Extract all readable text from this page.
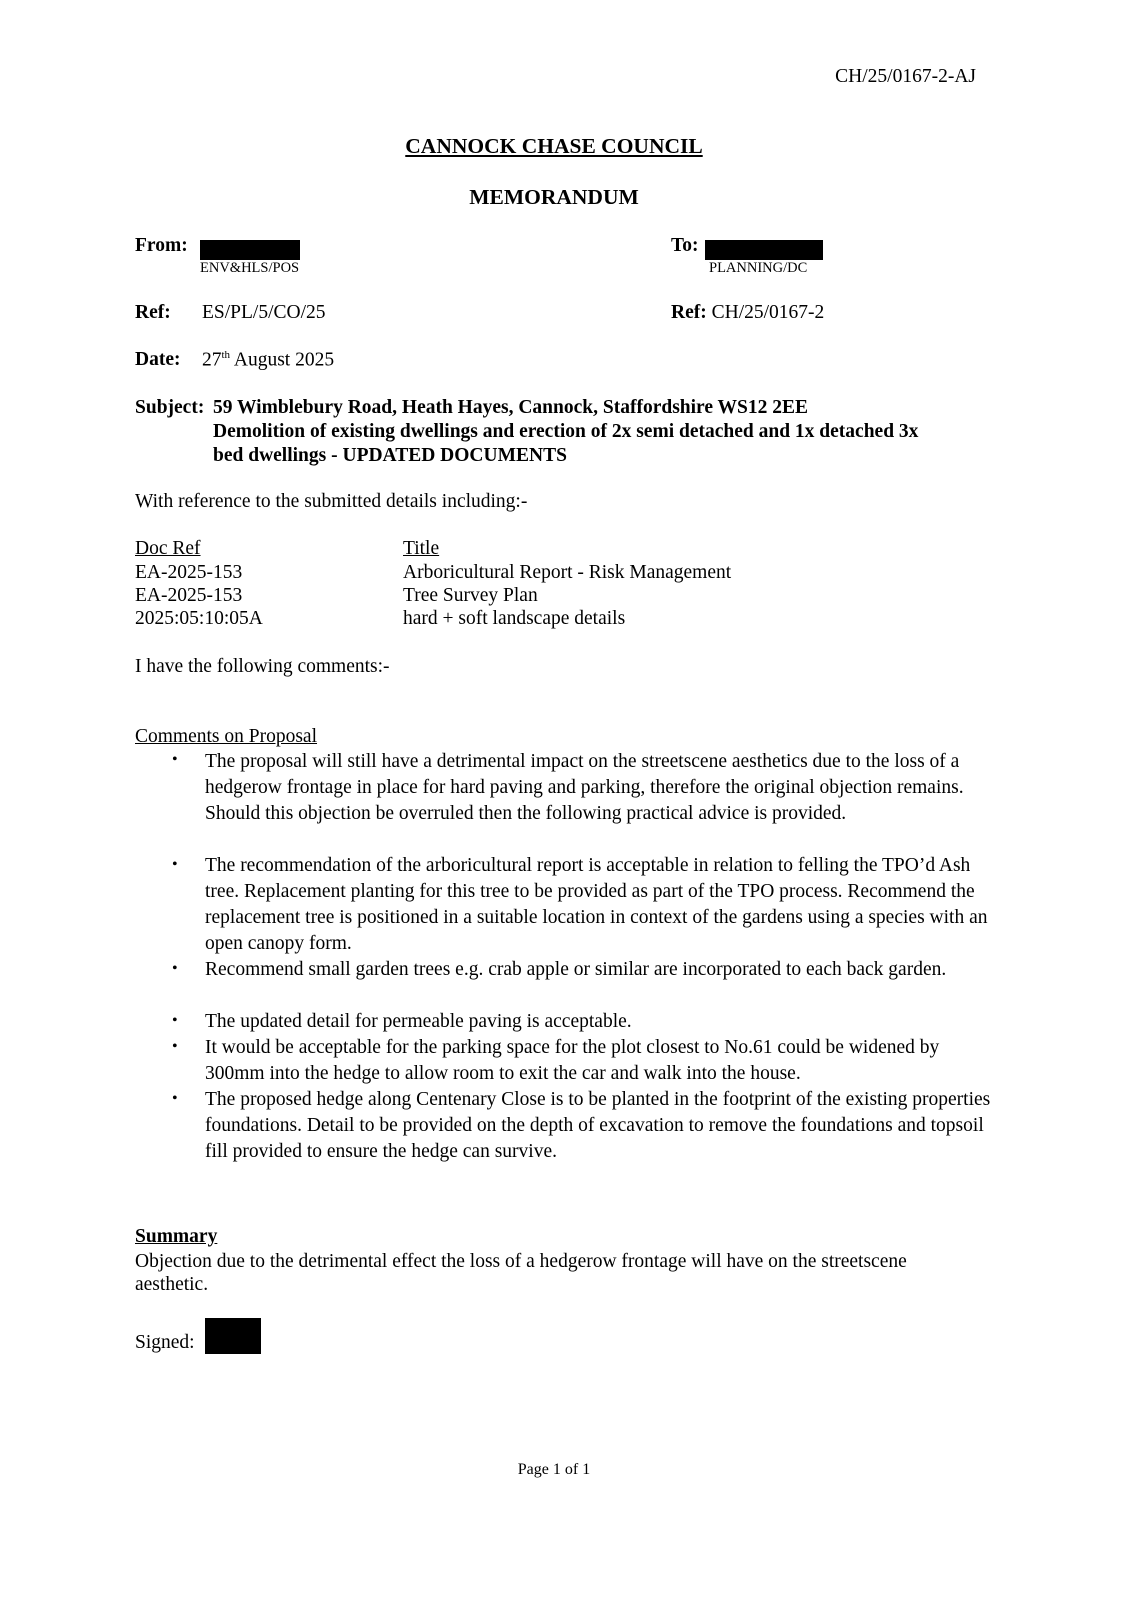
CH/25/0167-2-AJ
CANNOCK CHASE COUNCIL
MEMORANDUM
From:
ENV&HLS/POS
To:
PLANNING/DC
Ref: ES/PL/5/CO/25	Ref: CH/25/0167-2
Date: 27th August 2025
Subject: 59 Wimblebury Road, Heath Hayes, Cannock, Staffordshire WS12 2EE
Demolition of existing dwellings and erection of 2x semi detached and 1x detached 3x
bed dwellings - UPDATED DOCUMENTS
With reference to the submitted details including:-
Doc Ref	Title
EA-2025-153	Arboricultural Report - Risk Management
EA-2025-153	Tree Survey Plan
2025:05:10:05A	hard + soft landscape details
I have the following comments:-
Comments on Proposal
• The proposal will still have a detrimental impact on the streetscene aesthetics due to the loss of a hedgerow frontage in place for hard paving and parking, therefore the original objection remains. Should this objection be overruled then the following practical advice is provided.
• The recommendation of the arboricultural report is acceptable in relation to felling the TPO’d Ash tree. Replacement planting for this tree to be provided as part of the TPO process. Recommend the replacement tree is positioned in a suitable location in context of the gardens using a species with an open canopy form.
• Recommend small garden trees e.g. crab apple or similar are incorporated to each back garden.
• The updated detail for permeable paving is acceptable.
• It would be acceptable for the parking space for the plot closest to No.61 could be widened by 300mm into the hedge to allow room to exit the car and walk into the house.
• The proposed hedge along Centenary Close is to be planted in the footprint of the existing properties foundations. Detail to be provided on the depth of excavation to remove the foundations and topsoil fill provided to ensure the hedge can survive.
Summary
Objection due to the detrimental effect the loss of a hedgerow frontage will have on the streetscene aesthetic.
Signed:
Page 1 of 1
